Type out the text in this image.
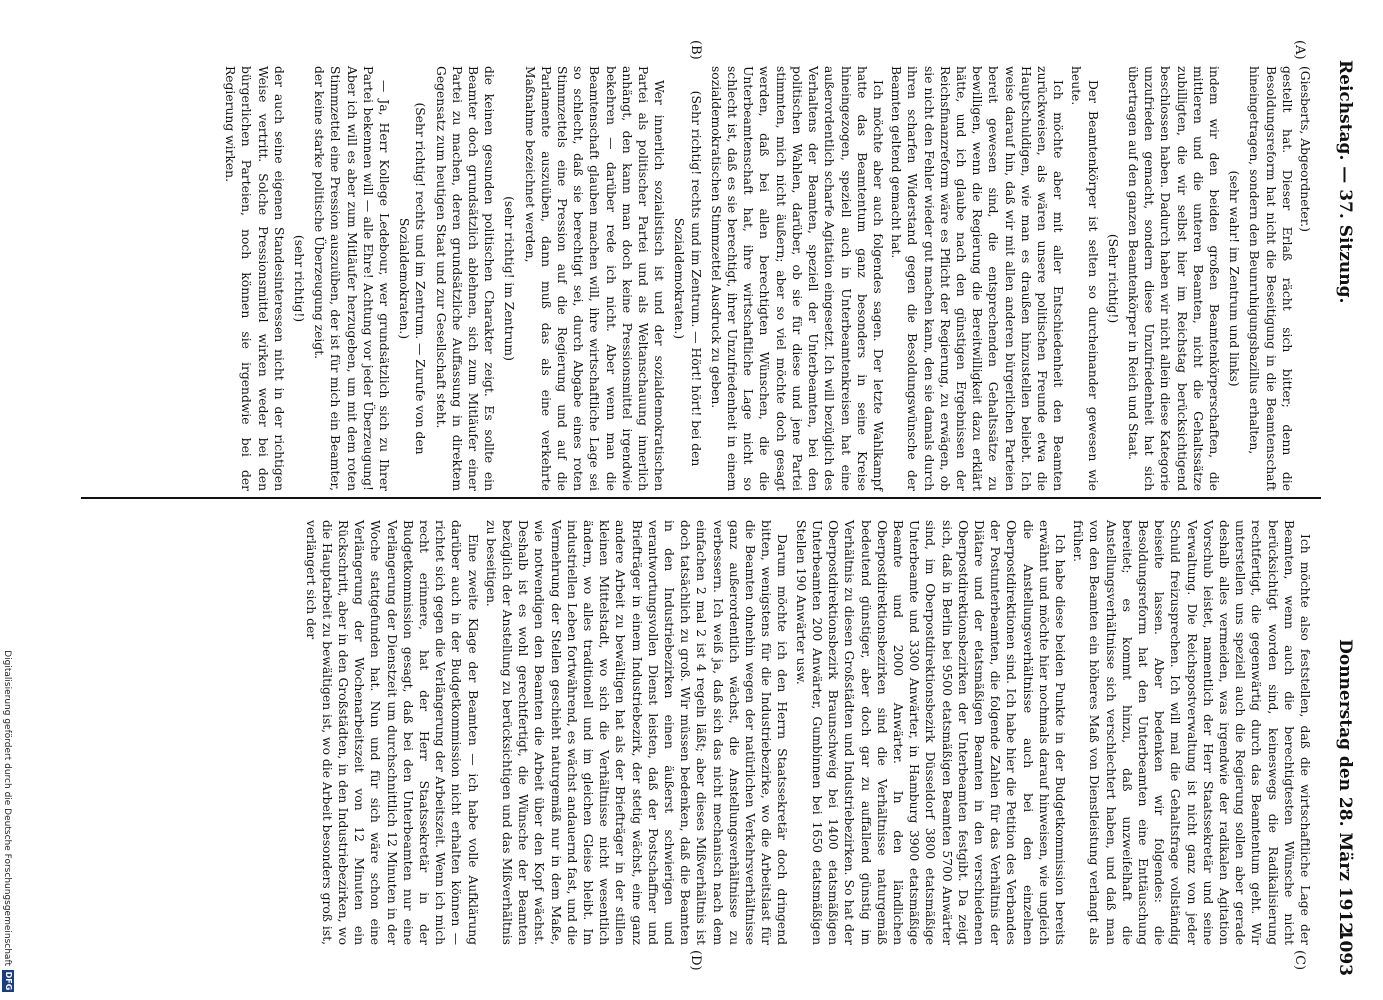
Reichstag. — 37. Sitzung.
Donnerstag den 28. März 1912.
1093
(A)
(B)
(C)
(D)

(Giesberts, Abgeordneter.)

gestellt hat. Dieser Erlaß rächt sich bitter; denn die Besoldungsreform hat nicht die Beseitigung in die Beamtenschaft hineingetragen, sondern den Beunruhigungsbazillus erhalten,

(sehr wahr! im Zentrum und links)

indem wir den beiden großen Beamtenkörperschaften, die mittleren und die unteren Beamten, nicht die Gehaltssätze zubilligten, die wir selbst hier im Reichstag berücksichtigend beschlossen haben. Dadurch haben wir nicht allein diese Kategorie unzufrieden gemacht, sondern diese Unzufriedenheit hat sich übertragen auf den ganzen Beamtenkörper in Reich und Staat.

(Sehr richtig!)

Der Beamtenkörper ist selten so durcheinander gewesen wie heute.

Ich möchte aber mit aller Entschiedenheit den Beamten zurückweisen, als wären unsere politischen Freunde etwa die Hauptschuldigen, wie man es draußen hinzustellen beliebt. Ich weise darauf hin, daß wir mit allen anderen bürgerlichen Parteien bereit gewesen sind, die entsprechenden Gehaltssätze zu bewilligen, wenn die Regierung die Bereitwilligkeit dazu erklärt hätte, und ich glaube nach den günstigen Ergebnissen der Reichsfinanzreform wäre es Pflicht der Regierung, zu erwägen, ob sie nicht den Fehler wieder gut machen kann, den sie damals durch ihren scharfen Widerstand gegen die Besoldungswünsche der Beamten geltend gemacht hat.

Ich möchte aber auch folgendes sagen. Der letzte Wahlkampf hatte das Beamtentum ganz besonders in seine Kreise hineingezogen, speziell auch in Unterbeamtenkreisen hat eine außerordentlich scharfe Agitation eingesetzt. Ich will bezüglich des Verhaltens der Beamten, speziell der Unterbeamten, bei den politischen Wahlen, darüber, ob sie für diese und jene Partei stimmten, mich nicht äußern; aber so viel möchte doch gesagt werden, daß bei allen berechtigten Wünschen, die die Unterbeamtenschaft hat, ihre wirtschaftliche Lage nicht so schlecht ist, daß es sie berechtigt, ihrer Unzufriedenheit in einem sozialdemokratischen Stimmzettel Ausdruck zu geben.

(Sehr richtig! rechts und im Zentrum. — Hört! hört! bei den Sozialdemokraten.)

Wer innerlich sozialistisch ist und der sozialdemokratischen Partei als politischer Partei und als Weltanschauung innerlich anhängt, den kann man doch keine Pressionsmittel irgendwie bekehren — darüber rede ich nicht. Aber wenn man die Beamtenschaft glauben machen will, ihre wirtschaftliche Lage sei so schlecht, daß sie berechtigt sei, durch Abgabe eines roten Stimmzettels eine Pression auf die Regierung und auf die Parlamente auszuüben, dann muß das als eine verkehrte Maßnahme bezeichnet werden,

(sehr richtig! im Zentrum)

die keinen gesunden politischen Charakter zeigt. Es sollte ein Beamter doch grundsätzlich ablehnen, sich zum Mitläufer einer Partei zu machen, deren grundsätzliche Auffassung in direktem Gegensatz zum heutigen Staat und zur Gesellschaft steht.

(Sehr richtig! rechts und im Zentrum. — Zurufe von den Sozialdemokraten.)

— Ja, Herr Kollege Ledebour, wer grundsätzlich sich zu Ihrer Partei bekennen will — alle Ehre! Achtung vor jeder Überzeugung! Aber ich will es aber zum Mitläufer herzugeben, um mit dem roten Stimmzettel eine Pression auszuüben, der ist für mich ein Beamter, der keine starke politische Überzeugung zeigt.

(sehr richtig!)

der auch seine eigenen Standesinteressen nicht in der richtigen Weise vertritt. Solche Pressionsmittel wirken weder bei den bürgerlichen Parteien, noch können sie irgendwie bei der Regierung wirken.

Ich möchte also feststellen, daß die wirtschaftliche Lage der Beamten, wenn auch die berechtigtesten Wünsche nicht berücksichtigt worden sind, keineswegs die Radikalisierung rechtfertigt, die gegenwärtig durch das Beamtentum geht. Wir unterstellen uns speziell auch die Regierung sollen aber gerade deshalb alles vermeiden, was irgendwie der radikalen Agitation Vorschub leistet, namentlich der Herr Staatssekretär und seine Verwaltung. Die Reichspostverwaltung ist nicht ganz von jeder Schuld freizusprechen. Ich will mal die Gehaltsfrage vollständig beiseite lassen. Aber bedenken wir folgendes: die Besoldungsreform hat den Unterbeamten eine Enttäuschung bereitet; es kommt hinzu, daß unzweifelhaft die Anstellungsverhältnisse sich verschlechtert haben, und daß man von den Beamten ein höheres Maß von Dienstleistung verlangt als früher.

Ich habe diese beiden Punkte in der Budgetkommission bereits erwähnt und möchte hier nochmals darauf hinweisen, wie ungleich die Anstellungsverhältnisse auch bei den einzelnen Oberpostdirektionen sind. Ich habe hier die Petition des Verbandes der Postunterbeamten, die folgende Zahlen für das Verhältnis der Diätare und der etatsmäßigen Beamten in den verschiedenen Oberpostdirektionsbezirken der Unterbeamten festgibt. Da zeigt sich, daß in Berlin bei 9500 etatsmäßigen Beamten 5700 Anwärter sind, im Oberpostdirektionsbezirk Düsseldorf 3800 etatsmäßige Unterbeamte und 3300 Anwärter, in Hamburg 3900 etatsmäßige Beamte und 2000 Anwärter. In den ländlichen Oberpostdirektionsbezirken sind die Verhältnisse naturgemäß bedeutend günstiger, aber doch gar zu auffallend günstig im Verhältnis zu diesen Großstädten und Industriebezirken. So hat der Oberpostdirektionsbezirk Braunschweig bei 1400 etatsmäßigen Unterbeamten 200 Anwärter, Gumbinnen bei 1650 etatsmäßigen Stellen 190 Anwärter usw.

Darum möchte ich den Herrn Staatssekretär doch dringend bitten, wenigstens für die Industriebezirke, wo die Arbeitslast für die Beamten ohnehin wegen der natürlichen Verkehrsverhältnisse ganz außerordentlich wächst, die Anstellungsverhältnisse zu verbessern. Ich weiß ja, daß sich das nicht mechanisch nach dem einfachen 2 mal 2 ist 4 regeln läßt; aber dieses Mißverhältnis ist doch tatsächlich zu groß. Wir müssen bedenken, daß die Beamten in den Industriebezirken einen äußerst schwierigen und verantwortungsvollen Dienst leisten, daß der Postschaffner und Briefträger in einem Industriebezirk, der stetig wächst, eine ganz andere Arbeit zu bewältigen hat als der Briefträger in der stillen kleinen Mittelstadt, wo sich die Verhältnisse nicht wesentlich ändern, wo alles traditionell und im gleichen Gleise bleibt. Im industriellen Leben fortwährend, es wächst andauernd fast, und die Vermehrung der Stellen geschieht naturgemäß nur in dem Maße, wie notwendigen den Beamten die Arbeit über den Kopf wächst. Deshalb ist es wohl gerechtfertigt, die Wünsche der Beamten bezüglich der Anstellung zu berücksichtigen und das Mißverhältnis zu beseitigen.

Eine zweite Klage der Beamten — ich habe volle Aufklärung darüber auch in der Budgetkommission nicht erhalten können — richtet sich gegen die Verlängerung der Arbeitszeit. Wenn ich mich recht erinnere, hat der Herr Staatssekretär in der Budgetkommission gesagt, daß bei den Unterbeamten nur eine Verlängerung der Dienstzeit um durchschnittlich 12 Minuten in der Woche stattgefunden hat. Nun und für sich wäre schon eine Verlängerung der Wochenarbeitszeit von 12 Minuten ein Rückschritt, aber in den Großstädten, in den Industriebezirken, wo die Hauptarbeit zu bewältigen ist, wo die Arbeit besonders groß ist, verlängert sich der

Digitalisierung gefördert durch die Deutsche Forschungsgemeinschaft
DFG
